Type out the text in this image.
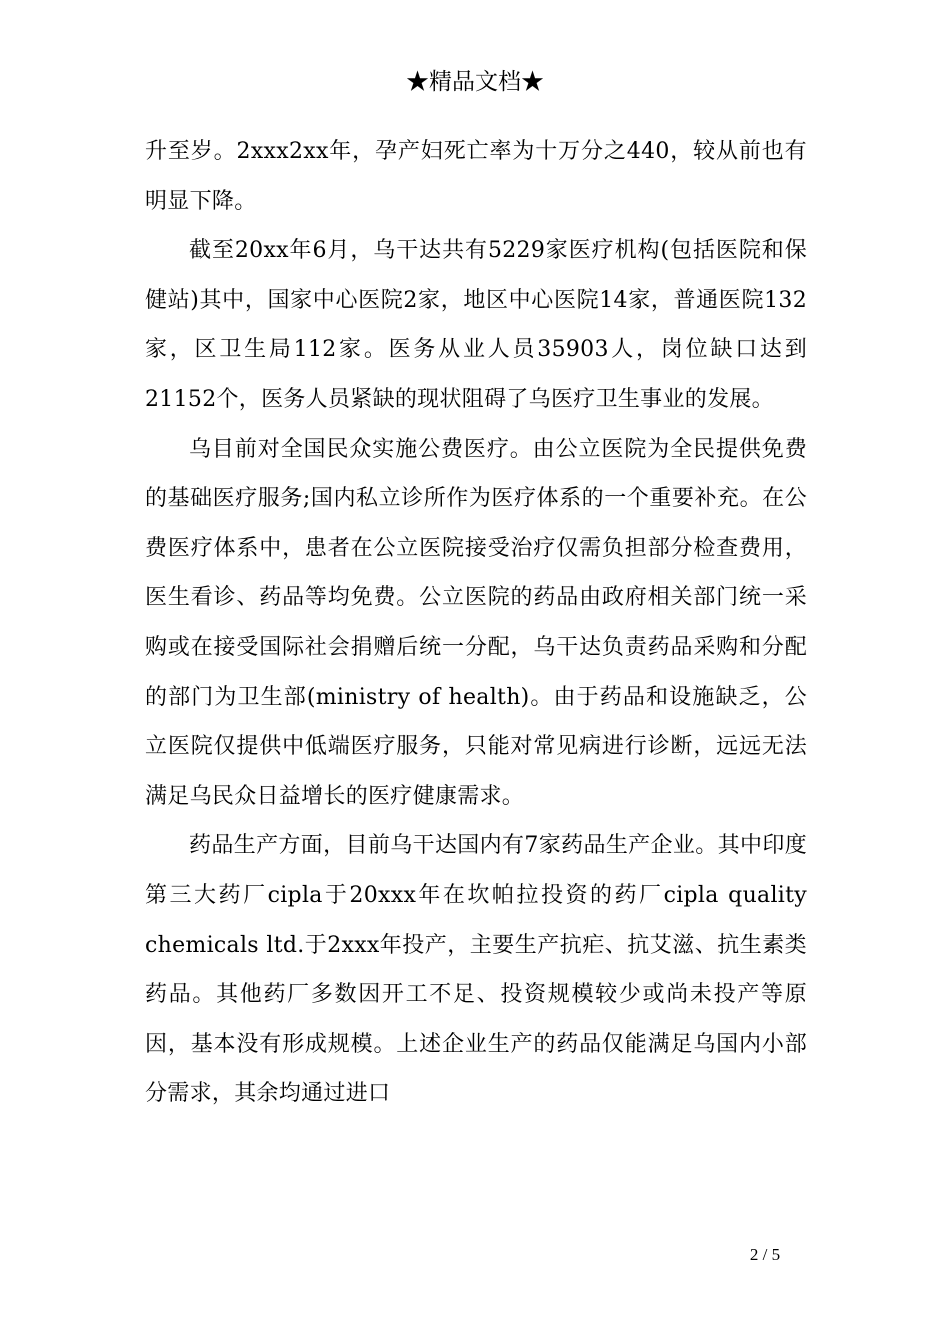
★精品文档★

升至岁。2xxx2xx年，孕产妇死亡率为十万分之440，较从前也有明显下降。

截至20xx年6月，乌干达共有5229家医疗机构(包括医院和保健站)其中，国家中心医院2家，地区中心医院14家，普通医院132家，区卫生局112家。医务从业人员35903人，岗位缺口达到21152个，医务人员紧缺的现状阻碍了乌医疗卫生事业的发展。

乌目前对全国民众实施公费医疗。由公立医院为全民提供免费的基础医疗服务;国内私立诊所作为医疗体系的一个重要补充。在公费医疗体系中，患者在公立医院接受治疗仅需负担部分检查费用，医生看诊、药品等均免费。公立医院的药品由政府相关部门统一采购或在接受国际社会捐赠后统一分配，乌干达负责药品采购和分配的部门为卫生部(ministry of health)。由于药品和设施缺乏，公立医院仅提供中低端医疗服务，只能对常见病进行诊断，远远无法满足乌民众日益增长的医疗健康需求。

药品生产方面，目前乌干达国内有7家药品生产企业。其中印度第三大药厂cipla于20xxx年在坎帕拉投资的药厂cipla quality chemicals ltd.于2xxx年投产，主要生产抗疟、抗艾滋、抗生素类药品。其他药厂多数因开工不足、投资规模较少或尚未投产等原因，基本没有形成规模。上述企业生产的药品仅能满足乌国内小部分需求，其余均通过进口

2 / 5
